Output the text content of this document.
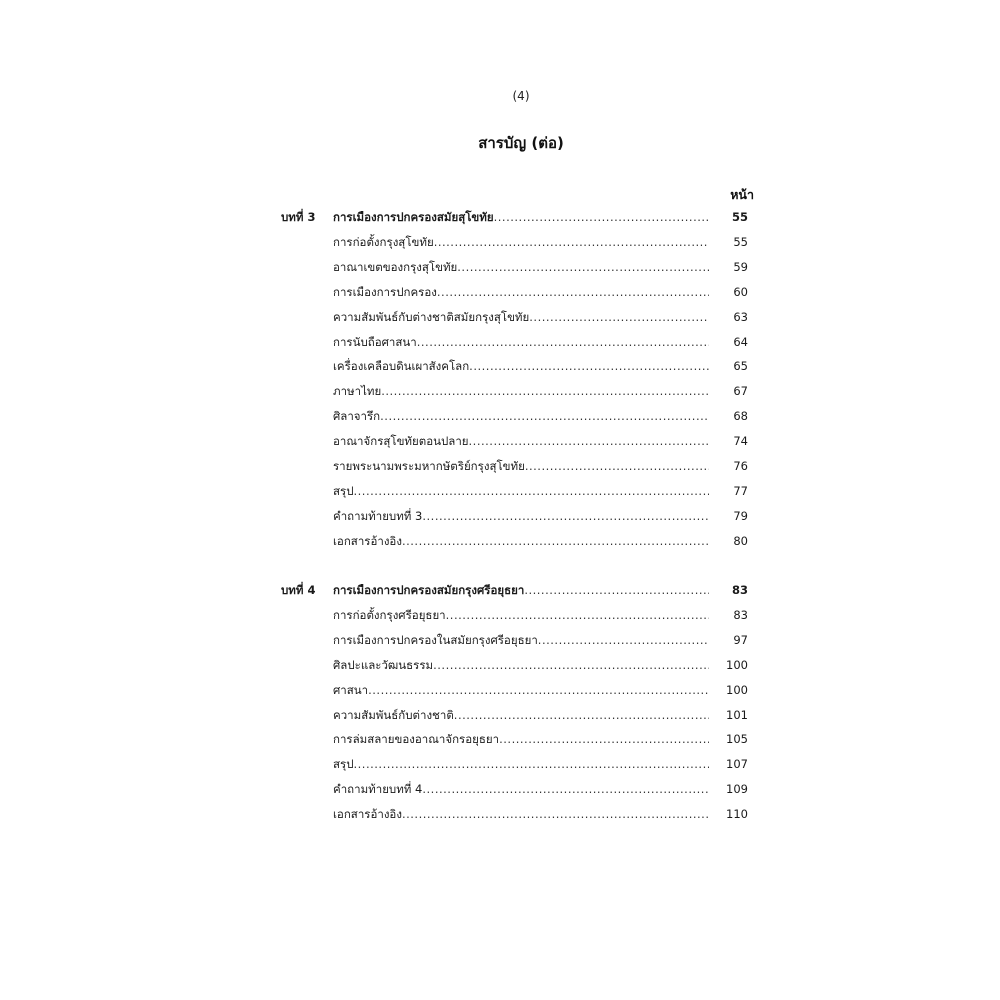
(4)
สารบัญ (ต่อ)
หน้า
บทที่ 3	การเมืองการปกครองสมัยสุโขทัย .....	55
การก่อตั้งกรุงสุโขทัย .....	55
อาณาเขตของกรุงสุโขทัย .....	59
การเมืองการปกครอง .....	60
ความสัมพันธ์กับต่างชาติสมัยกรุงสุโขทัย .....	63
การนับถือศาสนา .....	64
เครื่องเคลือบดินเผาสังคโลก .....	65
ภาษาไทย .....	67
ศิลาจารึก .....	68
อาณาจักรสุโขทัยตอนปลาย .....	74
รายพระนามพระมหากษัตริย์กรุงสุโขทัย .....	76
สรุป .....	77
คำถามท้ายบทที่ 3 .....	79
เอกสารอ้างอิง .....	80
บทที่ 4	การเมืองการปกครองสมัยกรุงศรีอยุธยา .....	83
การก่อตั้งกรุงศรีอยุธยา .....	83
การเมืองการปกครองในสมัยกรุงศรีอยุธยา .....	97
ศิลปะและวัฒนธรรม .....	100
ศาสนา .....	100
ความสัมพันธ์กับต่างชาติ .....	101
การล่มสลายของอาณาจักรอยุธยา .....	105
สรุป .....	107
คำถามท้ายบทที่ 4 .....	109
เอกสารอ้างอิง .....	110
